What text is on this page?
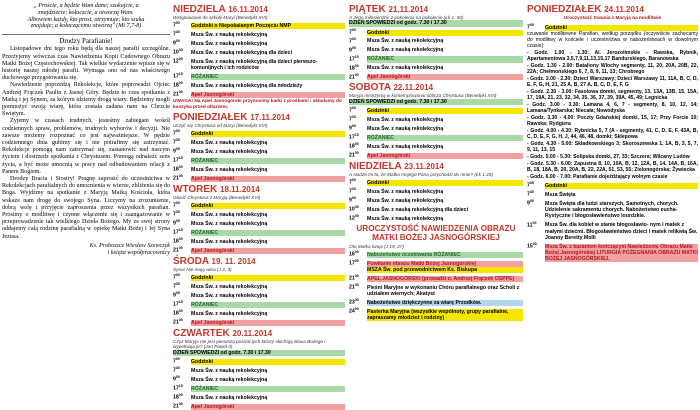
„ Proście, a będzie Wam dane; szukajcie, a
znajdziecie; kołaczcie, a otworzą Wam.
Albowiem każdy, kto prosi, otrzymuje; kto szuka
znajduje; a kołaczącemu otworzą" (Mt 7,7-8)
Drodzy Parafianie!

Listopadowe dni tego roku będą dla naszej parafii szczególne. Przeżyjemy wówczas czas Nawiedzenia Kopii Cudownego Obrazu Matki Bożej Częstochowskiej. Tak wielkie wydarzenie wpisze się w historię naszej młodej parafii. Wymaga ono od nas właściwego duchowego przygotowania się.

Nawiedzenie poprzedzą Rekolekcje, które poprowadzi Ojciec Andrzej Frączek Paulin z Jasnej Góry. Będzie to czas spotkania z Matką i jej Synem, za którym idziemy drogą wiary. Będziemy mogli pomnożyć swoją wiarę, która została zadana nam na Chrzcie Świętym.

Żyjemy w czasach trudnych, jesteśmy zabiegani wokół codziennych spraw, problemów, trudnych wyborów i decyzji. Nie zawsze możemy rozpoznać co jest najważniejsze. W pędzie codziennego dnia gubimy się i nie potrafimy się zatrzymać. Rekolekcje pomogą nam zatrzymać się, zastanowić nad naszym życiem i dostrzedz spotkania z Chrystusem. Pomogą odnaleźć sens życia, a być może umocnią w pracy nad odbudowaniem relacji z Panem Bogiem.

Drodzy Bracia i Siostry! Pragnę zaprosić do uczestnictwa w Rekolekcjach parafialnych do umocnienia w wierze, zbliżenia się do Boga. Wyjdźmy na spotkanie z Maryją Matką Kościoła, która wskaże nam drogę do swojego Syna. Liczymy na zrozumienie, dobrą wolę i przyjęcie zaproszenia przez wszystkich parafian. Prosimy o modlitwę i czynne włączenie się i zaangażowanie w przeprowadzenie tak wielkiego Dzieła Bożego. My ze swej strony oddajemy całą rodzinę parafialną w opiekę Matki Bożej i Jej Syna Jezusa.

Ks. Proboszcz Wiesław Szewczyk
i księża współpracownicy
NIEDZIELA 16.11.2014
Wstępowanie do szkoły Maryi (Benedykt XVI)
$7^{00}$	Godzinki o Niepokalanym Poczęciu NMP
$7^{30}$	Msza Św. z nauką rekolekcyjną
$9^{00}$	Msza Św. z nauką rekolekcyjną
$10^{30}$	Msza Św. z nauką rekolekcyjną dla dzieci
$12^{00}$	Msza Św. z nauką rekolekcyjną dla dzieci pierwszo- komunijnych i ich rodziców
$17^{15}$	RÓŻANIEC
$18^{00}$	Msza Św. z nauką rekolekcyjną dla młodzieży
$21^{00}$	Apel Jasnogórski
UWAGA! Na Apel Jasnogórski przynosimy karki z prośbami i składamy do koszyka przed ołtarzem.
PONIEDZIAŁEK 17.11.2014
Uczyć się Chrystusa od Maryi (Benedykt XVI)
$7^{00}$	Godzinki
$7^{30}$	Msza Św. z nauką rekolekcyjną
$9^{00}$	Msza Św. z nauką rekolekcyjną
$17^{15}$	RÓŻANIEC
$18^{00}$	Msza Św. z nauką rekolekcyjną
$21^{00}$	Apel Jasnogórski
WTOREK 18.11.2014
Głosić Chrystusa z Maryją (Benedykt XVI)
$7^{00}$	Godzinki
$7^{30}$	Msza Św. z nauką rekolekcyjną
$9^{00}$	Msza Św. z nauką rekolekcyjną
$17^{15}$	RÓŻANIEC
$18^{00}$	Msza Św. z nauką rekolekcyjną
$21^{00}$	Apel Jasnogórski
ŚRODA 19. 11. 2014
Syna! Nie mają wina (J 2, 3)
$7^{00}$	Godzinki
$7^{30}$	Msza Św. z nauką rekolekcyjną
$9^{00}$	Msza Św. z nauką rekolekcyjną
$17^{15}$	RÓŻANIEC
$18^{00}$	Msza Św. z nauką rekolekcyjną
$21^{00}$	Apel Jasnogórski
CZWARTEK 20.11.2014
Czyż Maryja nie jest pierwszą pośród tych którzy słuchają słowa Bożego i wypełniają je? (Jan Paweł II)
DZIEŃ SPOWIEDZI od godz. 7.30 i 17.30
$7^{00}$	Godzinki
$7^{30}$	Msza Św. z nauką rekolekcyjną
$9^{00}$	Msza Św. z nauką rekolekcyjną
$17^{15}$	RÓŻANIEC
$18^{00}$	Msza Św. z nauką rekolekcyjną
$21^{00}$	Apel Jasnogórski
PIĄTEK 21.11.2014
A Jego miłosierdzie z pokolenia na pokolenie (Łk 1, 50)
DZIEŃ SPOWIEDZI od godz. 7.30 i 17.30
$7^{00}$	Godzinki
$7^{30}$	Msza Św. z nauką rekolekcyjną
$9^{00}$	Msza Św. z nauką rekolekcyjną
$17^{15}$	RÓŻANIEC
$18^{00}$	Msza Św. z nauką rekolekcyjną
$21^{00}$	Apel Jasnogórski
SOBOTA 22.11.2014
Maryja mistrzynią w kontemplowaniu oblicza Chrystusa (Benedykt XVI)
DZIEŃ SPOWIEDZI od godz. 7.30 i 17.30
$7^{00}$	Godzinki
$7^{30}$	Msza Św. z nauką rekolekcyjną
$9^{00}$	Msza Św. z nauką rekolekcyjną
$17^{15}$	RÓŻANIEC
$18^{00}$	Msza Św. z nauką rekolekcyjną
$21^{00}$	Apel Jasnogórski
NIEDZIELA 23.11.2014
A słudze mi to, że Matka mojego Pana przychodzi do mnie? (Łk 1,43)
$7^{00}$	Godzinki
$7^{30}$	Msza Św. z nauką rekolekcyjną
$9^{00}$	Msza Św. z nauką rekolekcyjną
$10^{30}$	Msza Św. z nauką rekolekcyjną dla dzieci
$12^{00}$	Msza Św. z nauką rekolekcyjną
UROCZYSTOŚĆ NAWIEDZENIA OBRAZU MATKI BOŻEJ JASNOGÓRSKIEJ
Oto Matka twoja (J 19, 27)
$16^{00}$	Nabożeństwo oczekiwania RÓŻANIEC
$17^{00}$	Powitanie obrazu Matki Bożej Jasnogórskiej
MSZA Św. pod przewodnictwem Ks. Biskupa
$21^{00}$	APEL JASNOGÓRSKI (prowadzi o. Andrzej Frączek OSPPE)
$21^{30}$	Pieśni Maryjne w wykonaniu Chóru parafialnego oraz Scholi z udziałem wiernych; Akatyst
$23^{30}$	Nabożeństwo dziękczynne za wiarę Przodków.
$24^{00}$	Pasterka Maryjna (wszystkie wspólnoty, grupy parafialne, zapraszamy młodzież i rodziny)
PONIEDZIAŁEK 24.11.2014
Uroczystość trwania z Maryją na modlitwie
$7^{00}$	Godzinki
czuwanie modlitewne Parafian, według porządku (oczywiście zachęcamy do modlitwy w kościele i uczestnictwa w nabożeństwach w dowolnym czasie):
- Godz. 1.00 - 1.30: Al. Jerozolimskie - Rawska, Rybnik, Apartamentowa 3,5,7,9,11,13,15,17 Bandurskiego, Baranowska
- Godz. 1.30 - 2.00: Bataliony Wlochy segmenty, 11, 20, 20A, 20B, 22, 22A; Chełmońskiego 6, 7, 8, 9, 11, 13; Chrobrego
- Godz. 2.00 - 2.30: Dzieci Warszawy; Dzieci Warszawy 11, 11A, B, C, D, E, F, G, H, 21, 25 A, B, 27 A, B, C, D, E, F, G
- Godz. 2.30 - 3.00: Fasolowa domki, segmenty, 13, 13A, 13B, 15, 15A, 17, 19A, 21, 23, 32, 34, 35, 36, 37, 39, 39A, 45, 49; Legnicka
- Godz. 3.00 - 3.30: Lamana 4, 6, 7 - segmenty, 8, 10, 12, 14; Lamana/Tynkarska; Niecała; Nowodyska
- Godz. 3.30 - 4.00: Poczty Gdańskiej domki, 15, 17; Przy Forcie 10; Rawska; Rydgiera
- Godz. 4.00 - 4.30: Rybnicka 5, 7 (A - segmenty, 41, C, D, E, F, 43A, B, C, D, E, F, G, H, J, 44, 46, 48, domki; Sklepowa
- Godz. 4.30 - 5.00: Składkowskiego 3; Skoroszewska 1, 1A, B, 3, 5, 7, 9, 11, 13, 15
- Godz. 5.00 - 5.30: Solipska domki, 27, 33; Szczera; Wilcany Ludów
- Godz. 5.30 - 6.00: Zapustna 8, 10, 10A, B, 12, 12A, B, 14, 14A, B, 16A, B, 18, 18A, B, 20, 20A, B, 22, 22A, 51, 53, 55; Zielonogórska; Żywiecka
- Godz. 6.00 - 7.00: Parafianie dojeżdżający wolnym czasie
$7^{00}$	Godzinki
$7^{30}$	Msza Święta
$9^{00}$	Msza Święta dla ludzi starszych, Samotnych, chorych. Udzielenie sakramentu chorych. Nabożeństwo eucha- Rystyczne i błogosławieństwo lourdzkie.
$11^{00}$	Msza Św. dla kobiet w stanie błogosławio- nym i matek z małymi dziećmi. Błogosławieństwo dzieci i matek relikwią Św. Joanny Beretty Molli
$15^{00}$	Msza Św. z kazaniem kończącym Nawiedzenie Obrazu Matki Bożej Jasnogórskiej LITURGIA POŻEGNANIA OBRAZU MATKI BOŻEJ JASNOGÓRSKIEJ.
